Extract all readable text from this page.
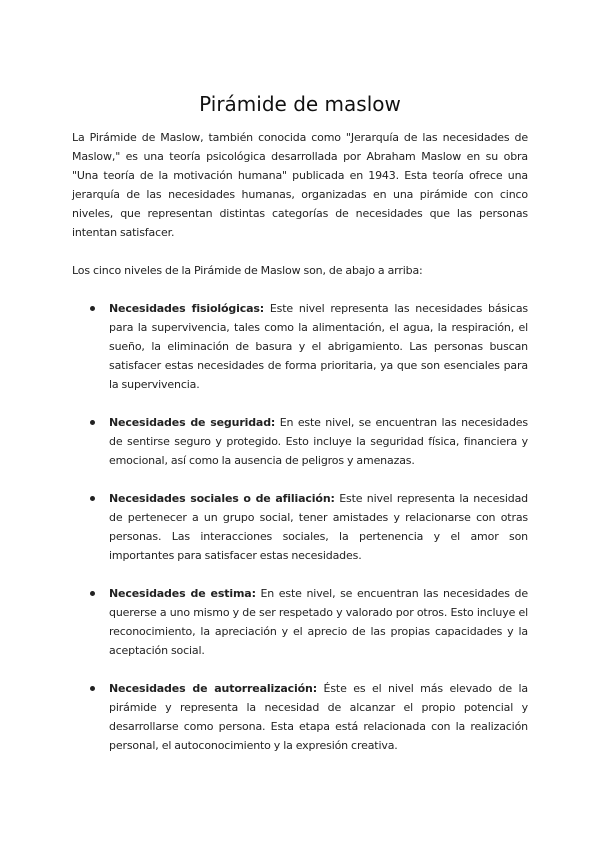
Pirámide de maslow

La Pirámide de Maslow, también conocida como "Jerarquía de las necesidades de Maslow," es una teoría psicológica desarrollada por Abraham Maslow en su obra "Una teoría de la motivación humana" publicada en 1943. Esta teoría ofrece una jerarquía de las necesidades humanas, organizadas en una pirámide con cinco niveles, que representan distintas categorías de necesidades que las personas intentan satisfacer.

Los cinco niveles de la Pirámide de Maslow son, de abajo a arriba:

Necesidades fisiológicas: Este nivel representa las necesidades básicas para la supervivencia, tales como la alimentación, el agua, la respiración, el sueño, la eliminación de basura y el abrigamiento. Las personas buscan satisfacer estas necesidades de forma prioritaria, ya que son esenciales para la supervivencia.
Necesidades de seguridad: En este nivel, se encuentran las necesidades de sentirse seguro y protegido. Esto incluye la seguridad física, financiera y emocional, así como la ausencia de peligros y amenazas.
Necesidades sociales o de afiliación: Este nivel representa la necesidad de pertenecer a un grupo social, tener amistades y relacionarse con otras personas. Las interacciones sociales, la pertenencia y el amor son importantes para satisfacer estas necesidades.
Necesidades de estima: En este nivel, se encuentran las necesidades de quererse a uno mismo y de ser respetado y valorado por otros. Esto incluye el reconocimiento, la apreciación y el aprecio de las propias capacidades y la aceptación social.
Necesidades de autorrealización: Éste es el nivel más elevado de la pirámide y representa la necesidad de alcanzar el propio potencial y desarrollarse como persona. Esta etapa está relacionada con la realización personal, el autoconocimiento y la expresión creativa.
